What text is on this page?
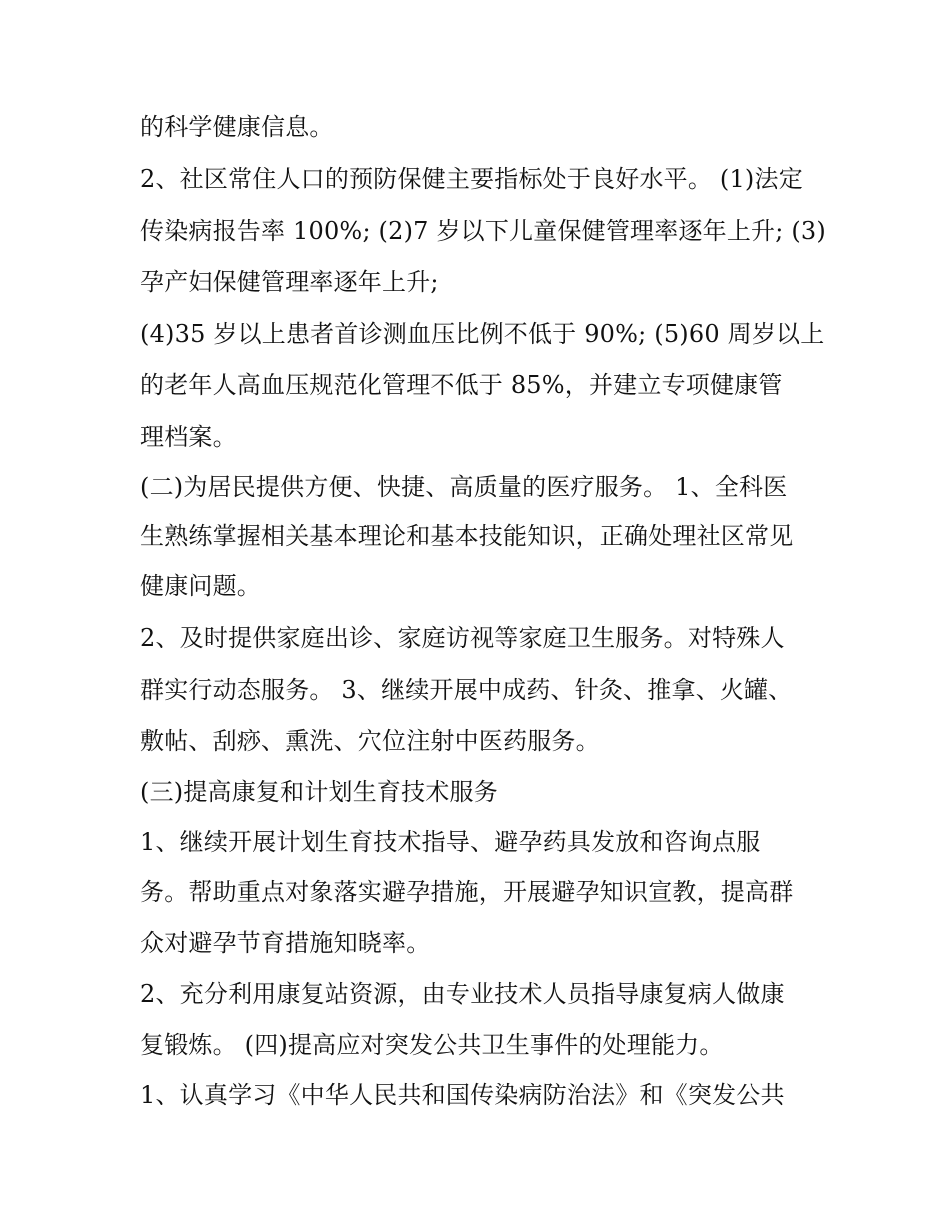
的科学健康信息。
2、社区常住人口的预防保健主要指标处于良好水平。 (1)法定
传染病报告率 100%; (2)7 岁以下儿童保健管理率逐年上升; (3)
孕产妇保健管理率逐年上升;
(4)35 岁以上患者首诊测血压比例不低于 90%; (5)60 周岁以上
的老年人高血压规范化管理不低于 85%，并建立专项健康管
理档案。
(二)为居民提供方便、快捷、高质量的医疗服务。 1、全科医
生熟练掌握相关基本理论和基本技能知识，正确处理社区常见
健康问题。
2、及时提供家庭出诊、家庭访视等家庭卫生服务。对特殊人
群实行动态服务。 3、继续开展中成药、针灸、推拿、火罐、
敷帖、刮痧、熏洗、穴位注射中医药服务。
(三)提高康复和计划生育技术服务
1、继续开展计划生育技术指导、避孕药具发放和咨询点服
务。帮助重点对象落实避孕措施，开展避孕知识宣教，提高群
众对避孕节育措施知晓率。
2、充分利用康复站资源，由专业技术人员指导康复病人做康
复锻炼。 (四)提高应对突发公共卫生事件的处理能力。
1、认真学习《中华人民共和国传染病防治法》和《突发公共
